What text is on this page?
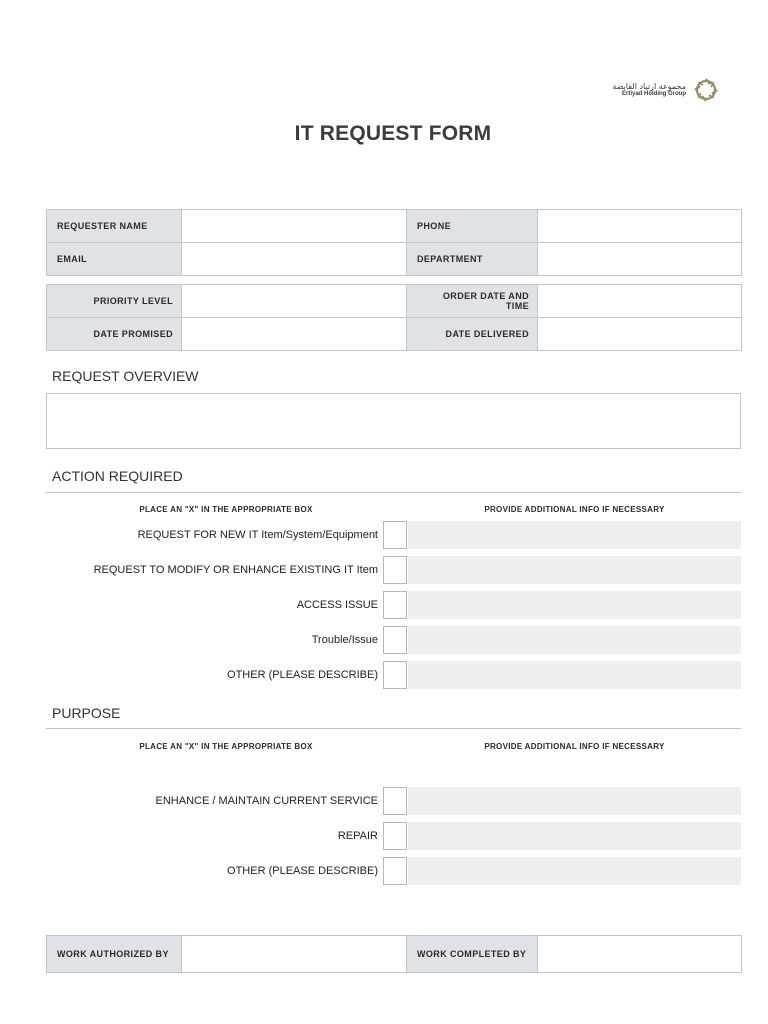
مجموعة ارتياد القابضة
Ertiyad Holding Group
IT REQUEST FORM
REQUESTER NAME		PHONE	
EMAIL		DEPARTMENT	
PRIORITY LEVEL		ORDER DATE AND TIME	
DATE PROMISED		DATE DELIVERED	
REQUEST OVERVIEW
ACTION REQUIRED
PLACE AN "X" IN THE APPROPRIATE BOX	PROVIDE ADDITIONAL INFO IF NECESSARY
REQUEST FOR NEW IT Item/System/Equipment
REQUEST TO MODIFY OR ENHANCE EXISTING IT Item
ACCESS ISSUE
Trouble/Issue
OTHER (PLEASE DESCRIBE)
PURPOSE
PLACE AN "X" IN THE APPROPRIATE BOX	PROVIDE ADDITIONAL INFO IF NECESSARY
ENHANCE / MAINTAIN CURRENT SERVICE
REPAIR
OTHER (PLEASE DESCRIBE)
WORK AUTHORIZED BY		WORK COMPLETED BY	
